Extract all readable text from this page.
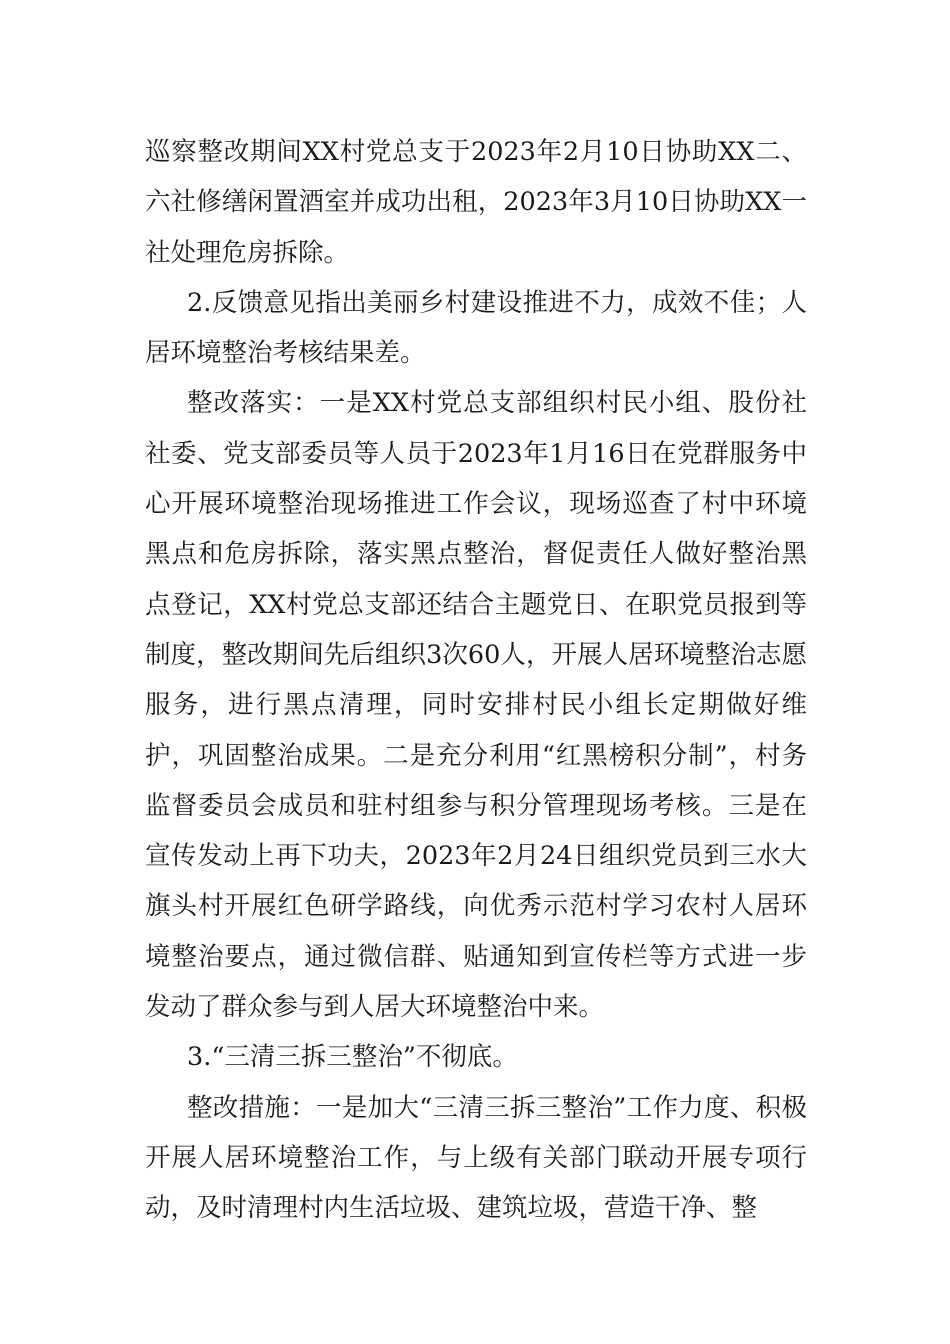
巡察整改期间XX村党总支于2023年2月10日协助XX二、六社修缮闲置酒室并成功出租，2023年3月10日协助XX一社处理危房拆除。

2.反馈意见指出美丽乡村建设推进不力，成效不佳；人居环境整治考核结果差。

整改落实：一是XX村党总支部组织村民小组、股份社社委、党支部委员等人员于2023年1月16日在党群服务中心开展环境整治现场推进工作会议，现场巡查了村中环境黑点和危房拆除，落实黑点整治，督促责任人做好整治黑点登记，XX村党总支部还结合主题党日、在职党员报到等制度，整改期间先后组织3次60人，开展人居环境整治志愿服务，进行黑点清理，同时安排村民小组长定期做好维护，巩固整治成果。二是充分利用“红黑榜积分制”，村务监督委员会成员和驻村组参与积分管理现场考核。三是在宣传发动上再下功夫，2023年2月24日组织党员到三水大旗头村开展红色研学路线，向优秀示范村学习农村人居环境整治要点，通过微信群、贴通知到宣传栏等方式进一步发动了群众参与到人居大环境整治中来。

3.“三清三拆三整治”不彻底。

整改措施：一是加大“三清三拆三整治”工作力度、积极开展人居环境整治工作，与上级有关部门联动开展专项行动，及时清理村内生活垃圾、建筑垃圾，营造干净、整
